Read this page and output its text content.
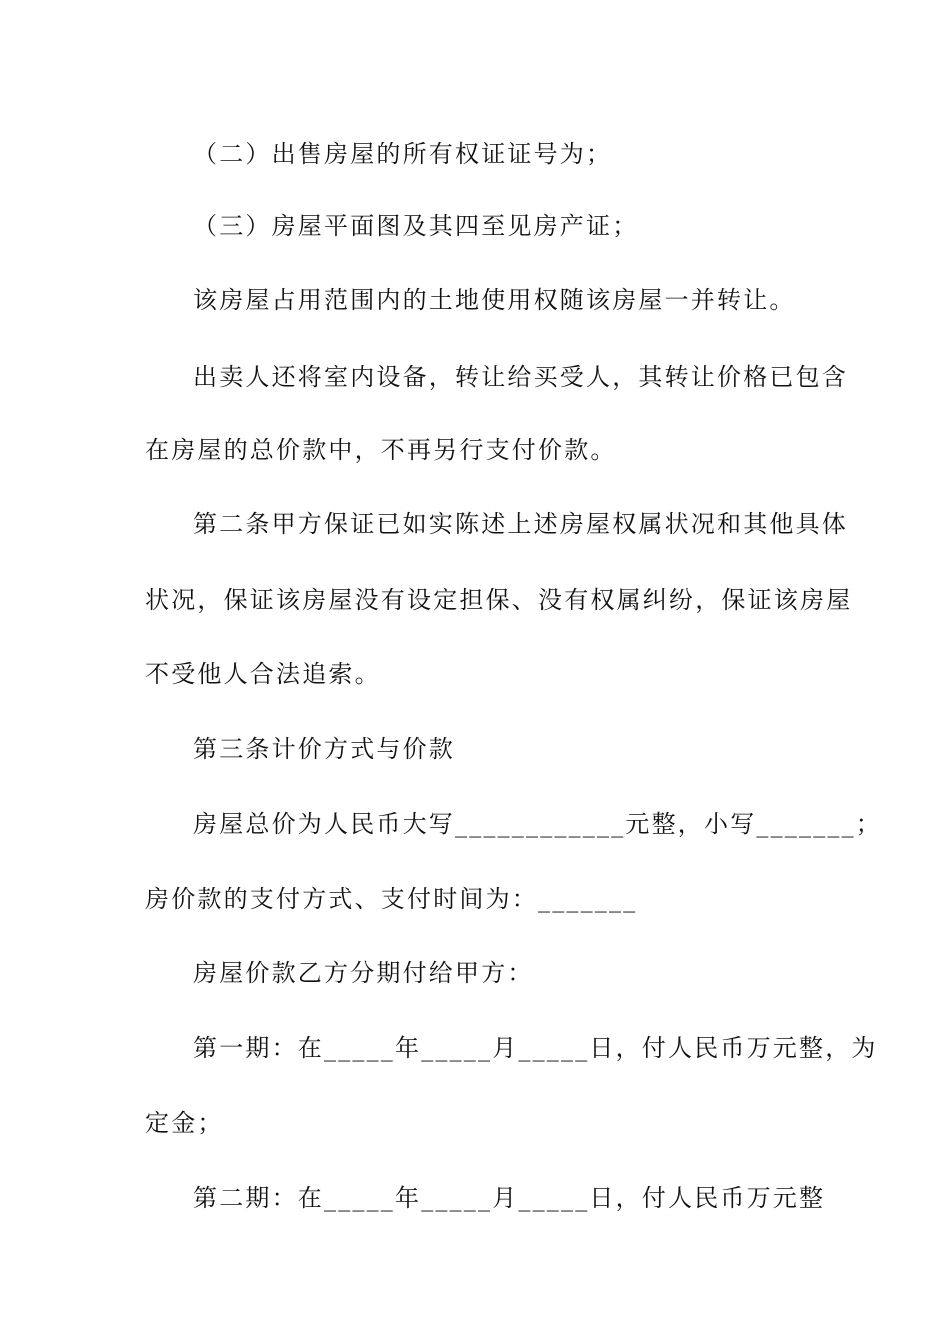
（二）出售房屋的所有权证证号为；
（三）房屋平面图及其四至见房产证；
该房屋占用范围内的土地使用权随该房屋一并转让。
出卖人还将室内设备，转让给买受人，其转让价格已包含
在房屋的总价款中，不再另行支付价款。
第二条甲方保证已如实陈述上述房屋权属状况和其他具体
状况，保证该房屋没有设定担保、没有权属纠纷，保证该房屋
不受他人合法追索。
第三条计价方式与价款
房屋总价为人民币大写____________元整，小写_______；
房价款的支付方式、支付时间为：_______
房屋价款乙方分期付给甲方：
第一期：在_____年_____月_____日，付人民币万元整，为
定金；
第二期：在_____年_____月_____日，付人民币万元整
